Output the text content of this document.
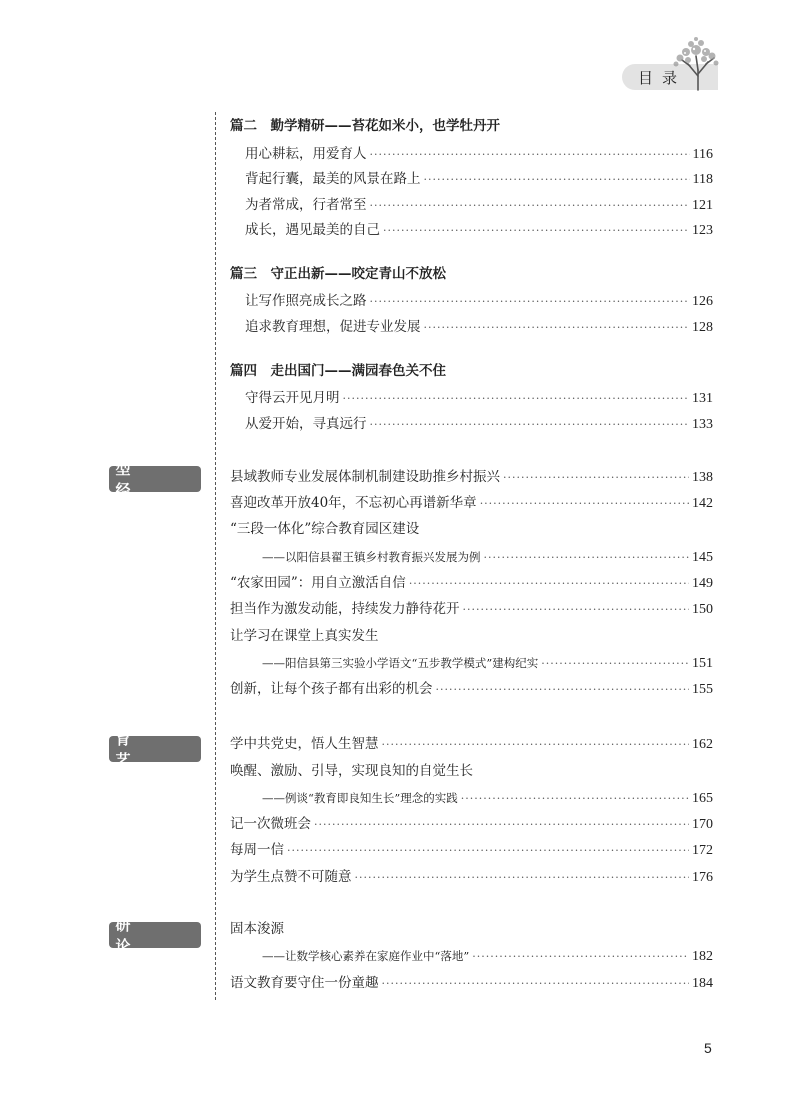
目录
典型经验
教育艺术
教研论文
篇二　勤学精研——苔花如米小，也学牡丹开
用心耕耘，用爱育人 ·····	116
背起行囊，最美的风景在路上 ·····	118
为者常成，行者常至 ·····	121
成长，遇见最美的自己 ·····	123
篇三　守正出新——咬定青山不放松
让写作照亮成长之路 ·····	126
追求教育理想，促进专业发展 ·····	128
篇四　走出国门——满园春色关不住
守得云开见月明 ·····	131
从爱开始，寻真远行 ·····	133
县域教师专业发展体制机制建设助推乡村振兴 ·····	138
喜迎改革开放40年，不忘初心再谱新华章 ·····	142
“三段一体化”综合教育园区建设
——以阳信县翟王镇乡村教育振兴发展为例 ·····	145
“农家田园”：用自立激活自信 ·····	149
担当作为激发动能，持续发力静待花开 ·····	150
让学习在课堂上真实发生
——阳信县第三实验小学语文“五步教学模式”建构纪实 ·····	151
创新，让每个孩子都有出彩的机会 ·····	155
学中共党史，悟人生智慧 ·····	162
唤醒、激励、引导，实现良知的自觉生长
——例谈“教育即良知生长”理念的实践 ·····	165
记一次微班会 ·····	170
每周一信 ·····	172
为学生点赞不可随意 ·····	176
固本浚源
——让数学核心素养在家庭作业中“落地” ·····	182
语文教育要守住一份童趣 ·····	184
5
